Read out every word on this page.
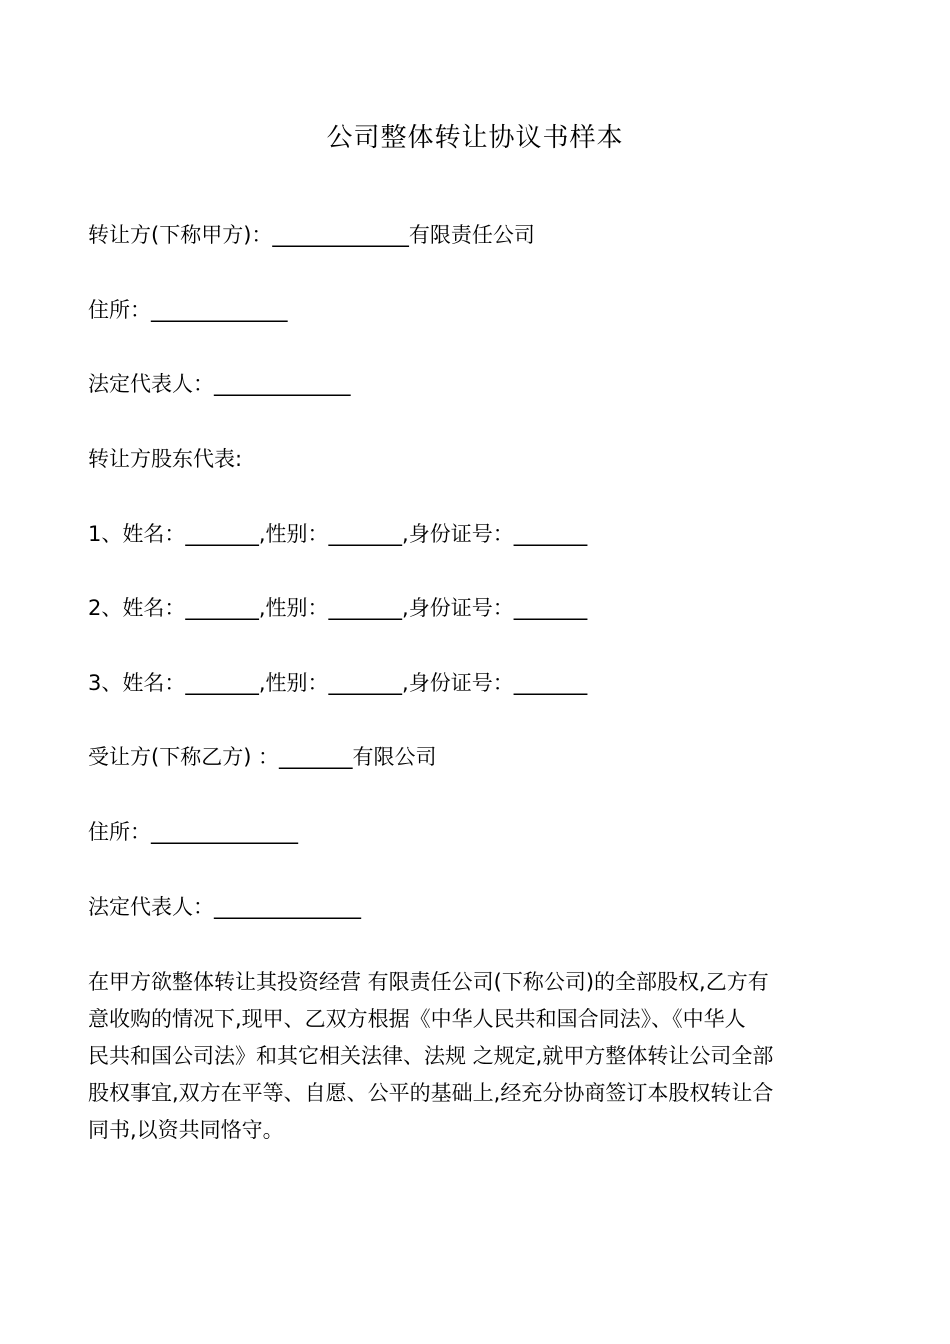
公司整体转让协议书样本
转让方(下称甲方)：_____________有限责任公司
住所：_____________
法定代表人：_____________
转让方股东代表:
1、姓名：_______,性别：_______,身份证号：_______
2、姓名：_______,性别：_______,身份证号：_______
3、姓名：_______,性别：_______,身份证号：_______
受让方(下称乙方) ：_______有限公司
住所：______________
法定代表人：______________
在甲方欲整体转让其投资经营 有限责任公司(下称公司)的全部股权,乙方有
意收购的情况下,现甲、乙双方根据《中华人民共和国合同法》、《中华人
民共和国公司法》和其它相关法律、法规 之规定,就甲方整体转让公司全部
股权事宜,双方在平等、自愿、公平的基础上,经充分协商签订本股权转让合
同书,以资共同恪守。
